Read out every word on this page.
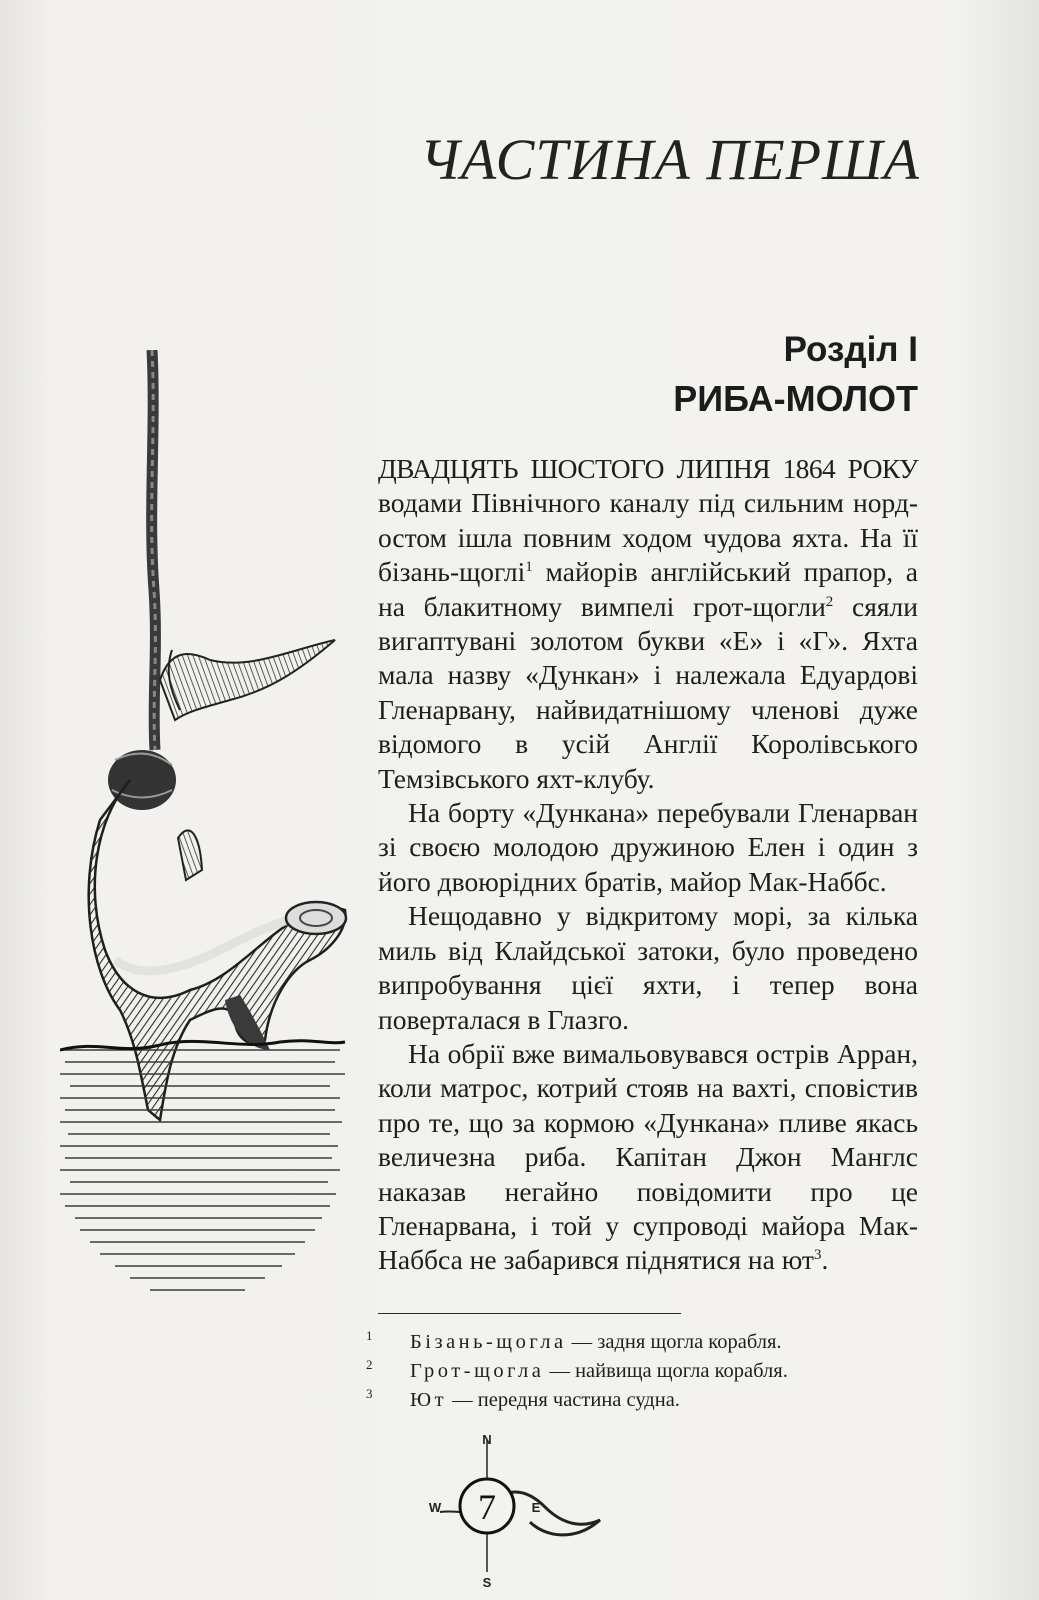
ЧАСТИНА ПЕРША
Розділ I
РИБА-МОЛОТ

ДВАДЦЯТЬ ШОСТОГО ЛИПНЯ 1864 РОКУ водами Північного каналу під сильним норд-остом ішла повним ходом чудова яхта. На її бізань-щоглі$^1$ майорів англійський прапор, а на блакитному вимпелі грот-щогли$^2$ сяяли вигаптувані золотом букви «Е» і «Г». Яхта мала назву «Дункан» і належала Едуардові Гленарвану, найвидатнішому членові дуже відомого в усій Англії Королівського Темзівського яхт-клубу.

На борту «Дункана» перебували Гленарван зі своєю молодою дружиною Елен і один з його двоюрідних братів, майор Мак-Наббс.

Нещодавно у відкритому морі, за кілька миль від Клайдської затоки, було проведено випробування цієї яхти, і тепер вона поверталася в Глазго.

На обрії вже вимальовувався острів Арран, коли матрос, котрий стояв на вахті, сповістив про те, що за кормою «Дункана» пливе якась величезна риба. Капітан Джон Манглс наказав негайно повідомити про це Гленарвана, і той у супроводі майора Мак-Наббса не забарився піднятися на $ют^3$.

1 Бізань-щогла — задня щогла корабля.
2 Грот-щогла — найвища щогла корабля.
3 Ют — передня частина судна.
7
N
S
W	E
